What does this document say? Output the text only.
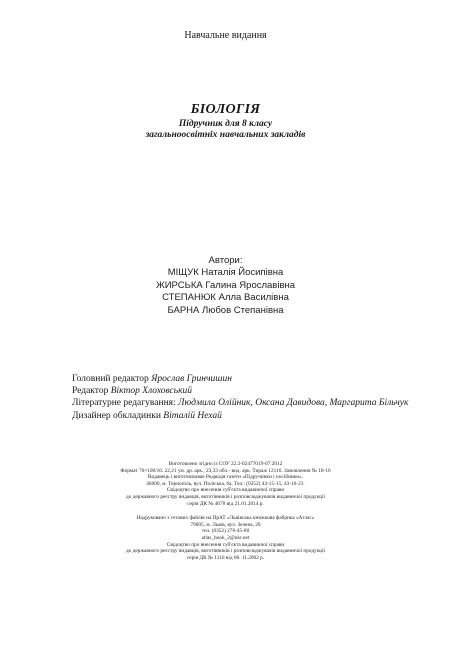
Навчальне видання
БІОЛОГІЯ
Підручник для 8 класу
загальноосвітніх навчальних закладів
Автори:
МІЩУК Наталія Йосипівна
ЖИРСЬКА Галина Ярославівна
СТЕПАНЮК Алла Василівна
БАРНА Любов Степанівна
Головний редактор Ярослав Гринчишин
Редактор Віктор Хлоховський
Літературне редагування: Людмила Олійник, Оксана Давидова, Маргарита Більчук
Дизайнер обкладинки Віталій Нехай
Виготовлено згідно із СОУ 22.2-02477019-07:2012
Формат 70×100/16. 22,21 ум. др. арк., 23,33 обл.- вид. арк. Тираж 12116. Замовлення № 18-16
Видавець і виготовлювач Редакція газети «Підручники і посібники».
46000, м. Тернопіль, вул. Поліська, 6а. Тел.: (0352) 43-15-15; 43-10-21.
Свідоцтво про внесення суб'єкта видавничої справи
до державного реєстру видавців, виготівників і розповсюджувачів видавничої продукції
серія ДК № 4678 від 21.01.2014 р.
Надруковано з готових файлів на ПрАТ «Львівська книжкова фабрика «Атлас»
79005, м. Львів, вул. Зелена, 20
тел. (0352) 276-45-80
atlas_book_2@ukr.net
Свідоцтво про внесення суб'єкта видавничої справи
до державного реєстру видавців, виготівників і розповсюджувачів видавничої продукції
серія ДК № 1110 від 08. 11.2002 р.
